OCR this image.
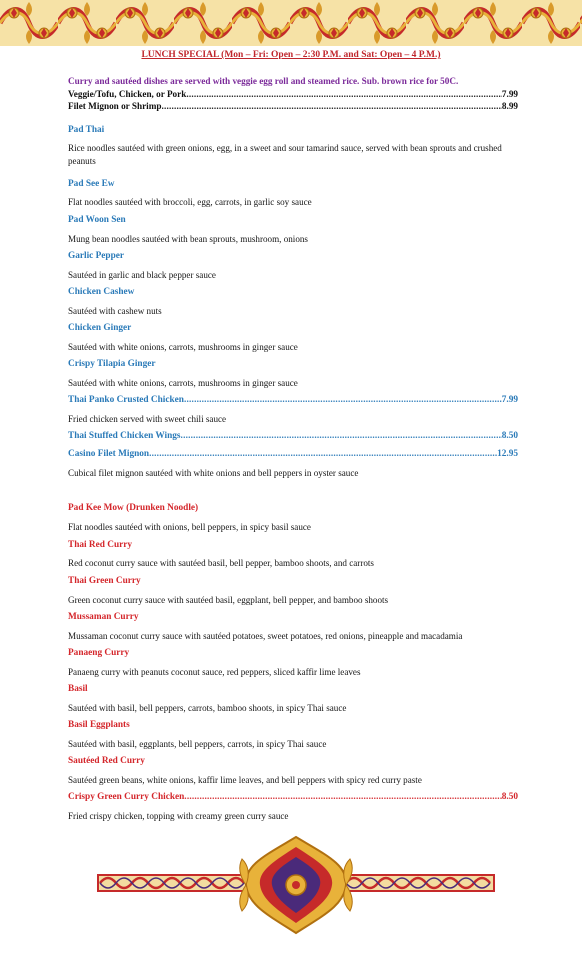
LUNCH SPECIAL (Mon – Fri: Open – 2:30 P.M. and Sat: Open – 4 P.M.)
Curry and sautéed dishes are served with veggie egg roll and steamed rice. Sub. brown rice for 50C.
Veggie/Tofu, Chicken, or Pork .....	7.99
Filet Mignon or Shrimp .....	8.99
Pad Thai
Rice noodles sautéed with green onions, egg, in a sweet and sour tamarind sauce, served with bean sprouts and crushed peanuts
Pad See Ew
Flat noodles sautéed with broccoli, egg, carrots, in garlic soy sauce
Pad Woon Sen
Mung bean noodles sautéed with bean sprouts, mushroom, onions
Garlic Pepper
Sautéed in garlic and black pepper sauce
Chicken Cashew
Sautéed with cashew nuts
Chicken Ginger
Sautéed with white onions, carrots, mushrooms in ginger sauce
Crispy Tilapia Ginger
Sautéed with white onions, carrots, mushrooms in ginger sauce
Thai Panko Crusted Chicken .....	7.99
Fried chicken served with sweet chili sauce
Thai Stuffed Chicken Wings .....	8.50
Casino Filet Mignon .....	12.95
Cubical filet mignon sautéed with white onions and bell peppers in oyster sauce
Pad Kee Mow (Drunken Noodle)
Flat noodles sautéed with onions, bell peppers, in spicy basil sauce
Thai Red Curry
Red coconut curry sauce with sautéed basil, bell pepper, bamboo shoots, and carrots
Thai Green Curry
Green coconut curry sauce with sautéed basil, eggplant, bell pepper, and bamboo shoots
Mussaman Curry
Mussaman coconut curry sauce with sautéed potatoes, sweet potatoes, red onions, pineapple and macadamia
Panaeng Curry
Panaeng curry with peanuts coconut sauce, red peppers, sliced kaffir lime leaves
Basil
Sautéed with basil, bell peppers, carrots, bamboo shoots, in spicy Thai sauce
Basil Eggplants
Sautéed with basil, eggplants, bell peppers, carrots, in spicy Thai sauce
Sautéed Red Curry
Sautéed green beans, white onions, kaffir lime leaves, and bell peppers with spicy red curry paste
Crispy Green Curry Chicken .....	8.50
Fried crispy chicken, topping with creamy green curry sauce
